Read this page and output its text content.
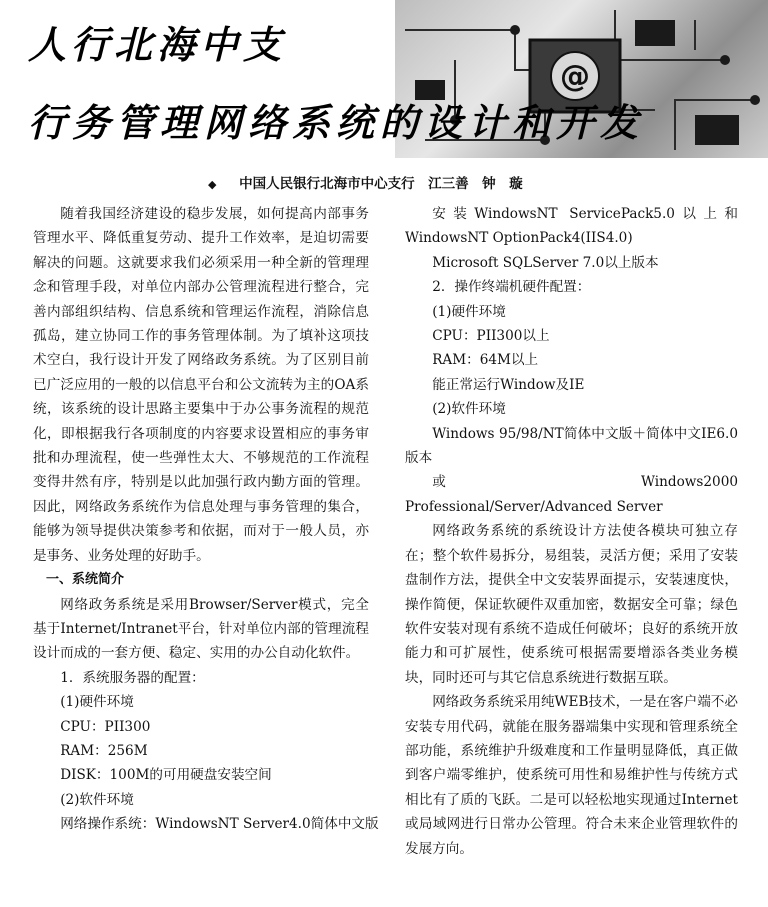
@
人行北海中支
行务管理网络系统的设计和开发
◆ 中国人民银行北海市中心支行　江三善　钟　璇

随着我国经济建设的稳步发展，如何提高内部事务管理水平、降低重复劳动、提升工作效率，是迫切需要解决的问题。这就要求我们必须采用一种全新的管理理念和管理手段，对单位内部办公管理流程进行整合，完善内部组织结构、信息系统和管理运作流程，消除信息孤岛，建立协同工作的事务管理体制。为了填补这项技术空白，我行设计开发了网络政务系统。为了区别目前已广泛应用的一般的以信息平台和公文流转为主的OA系统，该系统的设计思路主要集中于办公事务流程的规范化，即根据我行各项制度的内容要求设置相应的事务审批和办理流程，使一些弹性太大、不够规范的工作流程变得井然有序，特别是以此加强行政内勤方面的管理。因此，网络政务系统作为信息处理与事务管理的集合，能够为领导提供决策参考和依据，而对于一般人员，亦是事务、业务处理的好助手。

一、系统简介

网络政务系统是采用Browser/Server模式，完全基于Internet/Intranet平台，针对单位内部的管理流程设计而成的一套方便、稳定、实用的办公自动化软件。

1．系统服务器的配置：

(1)硬件环境

CPU：PII300

RAM：256M

DISK：100M的可用硬盘安装空间

(2)软件环境

网络操作系统：WindowsNT Server4.0简体中文版

安装WindowsNT ServicePack5.0以上和WindowsNT OptionPack4(IIS4.0)

Microsoft SQLServer 7.0以上版本

2．操作终端机硬件配置：

(1)硬件环境

CPU：PII300以上

RAM：64M以上

能正常运行Window及IE

(2)软件环境

Windows 95/98/NT简体中文版＋简体中文IE6.0版本

或Windows2000 Professional/Server/Advanced Server

网络政务系统的系统设计方法使各模块可独立存在；整个软件易拆分，易组装，灵活方便；采用了安装盘制作方法，提供全中文安装界面提示，安装速度快，操作简便，保证软硬件双重加密，数据安全可靠；绿色软件安装对现有系统不造成任何破坏；良好的系统开放能力和可扩展性，使系统可根据需要增添各类业务模块，同时还可与其它信息系统进行数据互联。

网络政务系统采用纯WEB技术，一是在客户端不必安装专用代码，就能在服务器端集中实现和管理系统全部功能，系统维护升级难度和工作量明显降低，真正做到客户端零维护，使系统可用性和易维护性与传统方式相比有了质的飞跃。二是可以轻松地实现通过Internet或局域网进行日常办公管理。符合未来企业管理软件的发展方向。
